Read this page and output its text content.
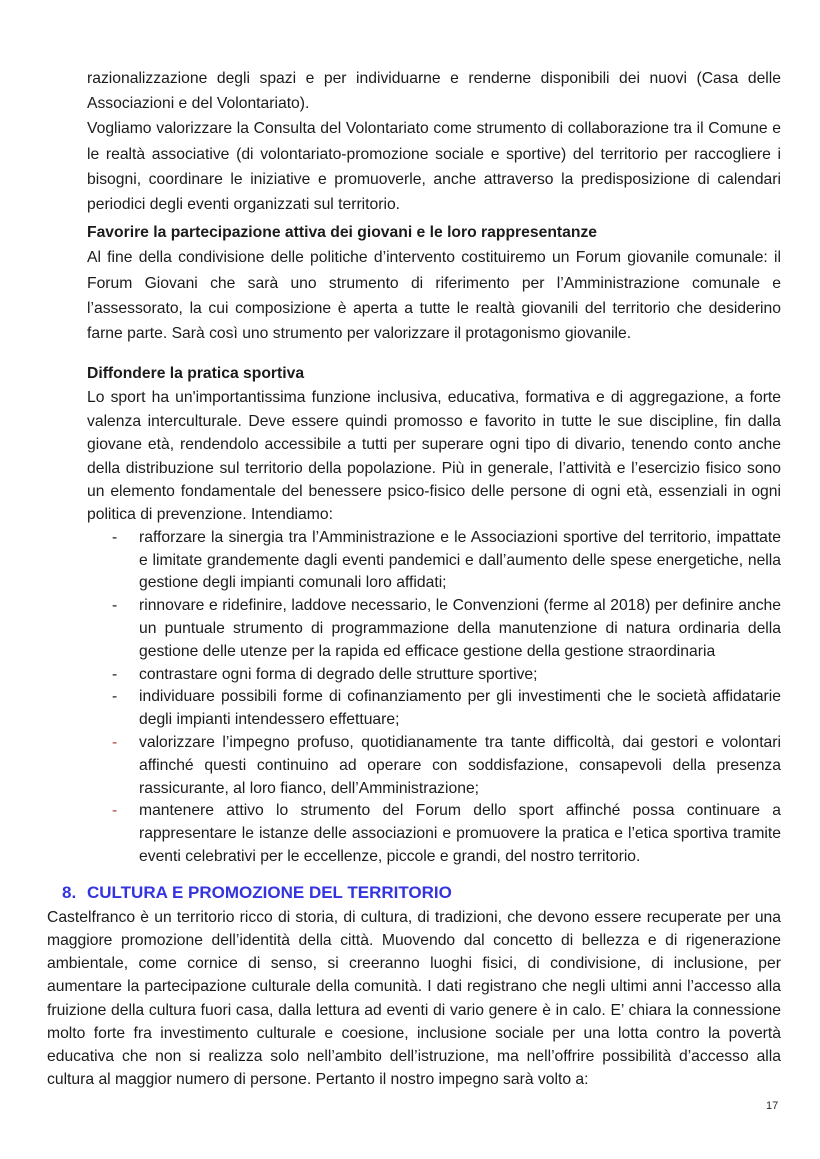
razionalizzazione degli spazi e per individuarne e renderne disponibili dei nuovi (Casa delle Associazioni e del Volontariato).

Vogliamo valorizzare la Consulta del Volontariato come strumento di collaborazione tra il Comune e le realtà associative (di volontariato-promozione sociale e sportive) del territorio per raccogliere i bisogni, coordinare le iniziative e promuoverle, anche attraverso la predisposizione di calendari periodici degli eventi organizzati sul territorio.

Favorire la partecipazione attiva dei giovani e le loro rappresentanze

Al fine della condivisione delle politiche d’intervento costituiremo un Forum giovanile comunale: il Forum Giovani che sarà uno strumento di riferimento per l’Amministrazione comunale e l’assessorato, la cui composizione è aperta a tutte le realtà giovanili del territorio che desiderino farne parte. Sarà così uno strumento per valorizzare il protagonismo giovanile.

Diffondere la pratica sportiva

Lo sport ha un'importantissima funzione inclusiva, educativa, formativa e di aggregazione, a forte valenza interculturale. Deve essere quindi promosso e favorito in tutte le sue discipline, fin dalla giovane età, rendendolo accessibile a tutti per superare ogni tipo di divario, tenendo conto anche della distribuzione sul territorio della popolazione. Più in generale, l’attività e l’esercizio fisico sono un elemento fondamentale del benessere psico-fisico delle persone di ogni età, essenziali in ogni politica di prevenzione. Intendiamo:

- rafforzare la sinergia tra l’Amministrazione e le Associazioni sportive del territorio, impattate e limitate grandemente dagli eventi pandemici e dall’aumento delle spese energetiche, nella gestione degli impianti comunali loro affidati;
- rinnovare e ridefinire, laddove necessario, le Convenzioni (ferme al 2018) per definire anche un puntuale strumento di programmazione della manutenzione di natura ordinaria della gestione delle utenze per la rapida ed efficace gestione della gestione straordinaria
- contrastare ogni forma di degrado delle strutture sportive;
- individuare possibili forme di cofinanziamento per gli investimenti che le società affidatarie degli impianti intendessero effettuare;
- valorizzare l’impegno profuso, quotidianamente tra tante difficoltà, dai gestori e volontari affinché questi continuino ad operare con soddisfazione, consapevoli della presenza rassicurante, al loro fianco, dell’Amministrazione;
- mantenere attivo lo strumento del Forum dello sport affinché possa continuare a rappresentare le istanze delle associazioni e promuovere la pratica e l’etica sportiva tramite eventi celebrativi per le eccellenze, piccole e grandi, del nostro territorio.
8. CULTURA E PROMOZIONE DEL TERRITORIO

Castelfranco è un territorio ricco di storia, di cultura, di tradizioni, che devono essere recuperate per una maggiore promozione dell’identità della città. Muovendo dal concetto di bellezza e di rigenerazione ambientale, come cornice di senso, si creeranno luoghi fisici, di condivisione, di inclusione, per aumentare la partecipazione culturale della comunità. I dati registrano che negli ultimi anni l’accesso alla fruizione della cultura fuori casa, dalla lettura ad eventi di vario genere è in calo. E’ chiara la connessione molto forte fra investimento culturale e coesione, inclusione sociale per una lotta contro la povertà educativa che non si realizza solo nell’ambito dell’istruzione, ma nell’offrire possibilità d’accesso alla cultura al maggior numero di persone. Pertanto il nostro impegno sarà volto a:

17
